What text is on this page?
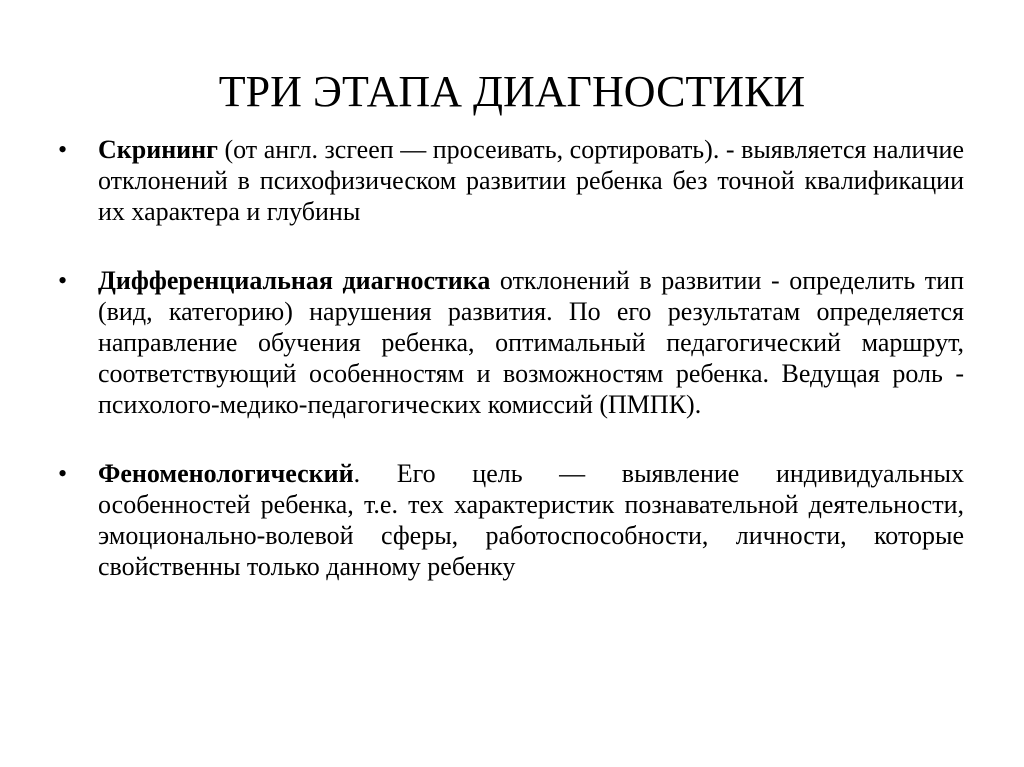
ТРИ ЭТАПА ДИАГНОСТИКИ
• Скрининг (от англ. зсгееп — просеивать, сортировать). - выявляется наличие отклонений в психофизическом развитии ребенка без точной квалификации их характера и глубины
• Дифференциальная диагностика отклонений в развитии - определить тип (вид, категорию) нарушения развития. По его результатам определяется направление обучения ребенка, оптимальный педагогический маршрут, соответствующий особенностям и возможностям ребенка. Ведущая роль - психолого-медико-педагогических комиссий (ПМПК).
• Феноменологический. Его цель — выявление индивидуальных особенностей ребенка, т.е. тех характеристик познавательной деятельности, эмоционально-волевой сферы, работоспособности, личности, которые свойственны только данному ребенку
